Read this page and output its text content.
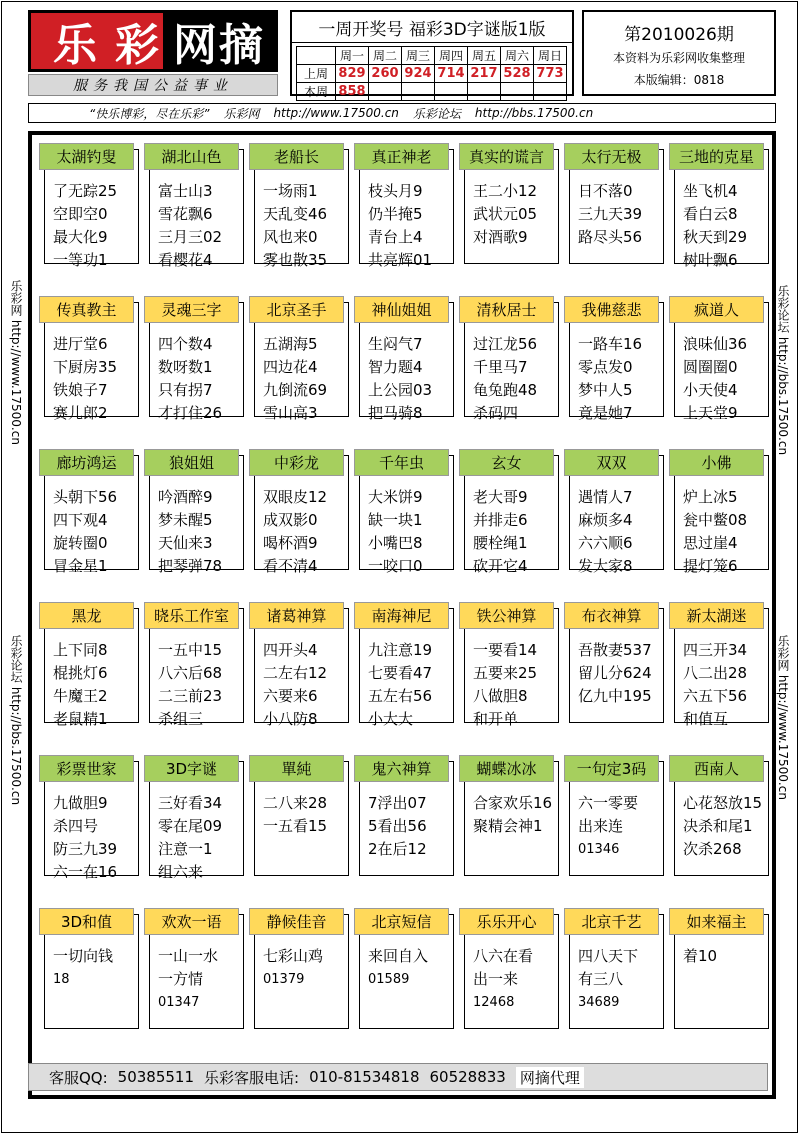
乐 彩 网摘
服务我国公益事业
一周开奖号 福彩3D字谜版1版
	周一	周二	周三	周四	周五	周六	周日
上周	829	260	924	714	217	528	773
本周	858						
第2010026期
本资料为乐彩网收集整理
本版编辑：0818
“快乐博彩，尽在乐彩” 乐彩网 http://www.17500.cn 乐彩论坛 http://bbs.17500.cn
乐彩网 http://www.17500.cn
乐彩论坛 http://bbs.17500.cn
乐彩论坛 http://bbs.17500.cn
乐彩网 http://www.17500.cn
太湖钓叟
了无踪25
空即空0
最大化9
一等功1
湖北山色
富士山3
雪花飘6
三月三02
看樱花4
老船长
一场雨1
天乱变46
风也来0
雾也散35
真正神老
枝头月9
仍半掩5
青台上4
共亮辉01
真实的谎言
王二小12
武状元05
对酒歌9

太行无极
日不落0
三九天39
路尽头56

三地的克星
坐飞机4
看白云8
秋天到29
树叶飘6
传真教主
进厅堂6
下厨房35
铁娘子7
赛儿郎2
灵魂三字
四个数4
数呀数1
只有拐7
才打住26
北京圣手
五湖海5
四边花4
九倒流69
雪山高3
神仙姐姐
生闷气7
智力题4
上公园03
把马骑8
清秋居士
过江龙56
千里马7
龟兔跑48
杀码四
我佛慈悲
一路车16
零点发0
梦中人5
竟是她7
疯道人
浪味仙36
圆圈圈0
小天使4
上天堂9
廊坊鸿运
头朝下56
四下观4
旋转圈0
冒金星1
狼姐姐
吟酒醉9
梦未醒5
天仙来3
把琴弹78
中彩龙
双眼皮12
成双影0
喝杯酒9
看不清4
千年虫
大米饼9
缺一块1
小嘴巴8
一咬口0
玄女
老大哥9
并排走6
腰栓绳1
砍开它4
双双
遇情人7
麻烦多4
六六顺6
发大家8
小佛
炉上冰5
瓮中鳖08
思过崖4
提灯笼6
黑龙
上下同8
棍挑灯6
牛魔王2
老鼠精1
晓乐工作室
一五中15
八六后68
二三前23
杀组三
诸葛神算
四开头4
二左右12
六要来6
小八防8
南海神尼
九注意19
七要看47
五左右56
小大大
铁公神算
一要看14
五要来25
八做胆8
和开单
布衣神算
吾散妻537
留儿分624
亿九中195

新太湖迷
四三开34
八二出28
六五下56
和值互
彩票世家
九做胆9
杀四号
防三九39
六一在16
3D字谜
三好看34
零在尾09
注意一1
组六来
單純
二八来28
一五看15

鬼六神算
7浮出07
5看出56
2在后12

蝴蝶冰冰
合家欢乐16
聚精会神1

一句定3码
六一零要
出来连
01346

西南人
心花怒放15
决杀和尾1
次杀268

3D和值
一切向钱
18

欢欢一语
一山一水
一方情
01347

静候佳音
七彩山鸡
01379

北京短信
来回自入
01589

乐乐开心
八六在看
出一来
12468

北京千艺
四八天下
有三八
34689

如来福主
着10

客服QQ: 50385511 乐彩客服电话: 010-81534818 60528833 网摘代理
